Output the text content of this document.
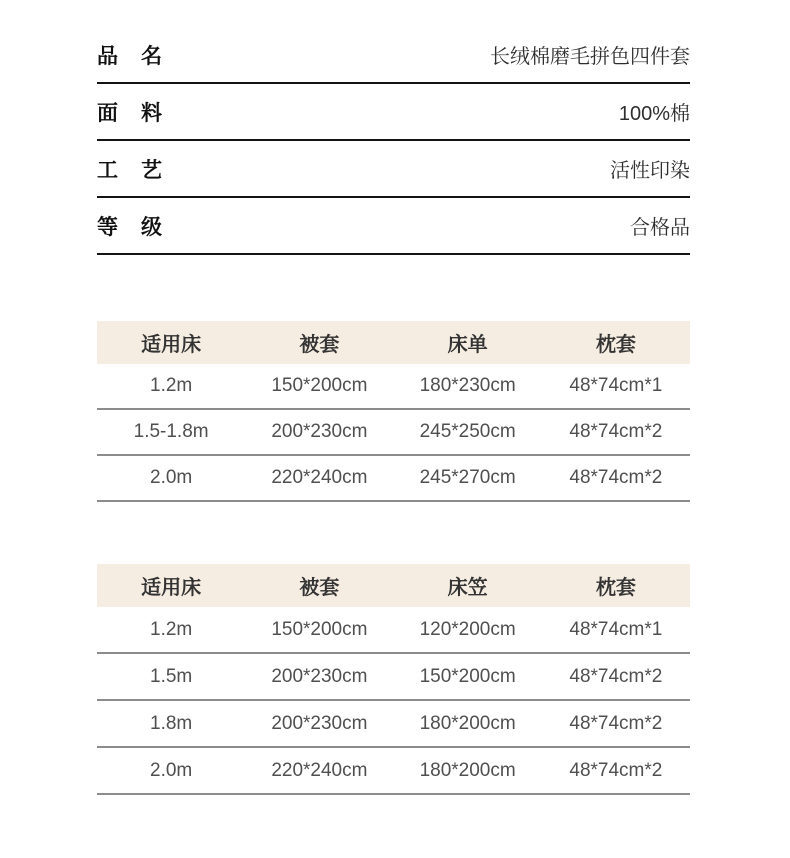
品　名	长绒棉磨毛拼色四件套
面　料	100%棉
工　艺	活性印染
等　级	合格品
适用床	被套	床单	枕套
1.2m	150*200cm	180*230cm	48*74cm*1
1.5-1.8m	200*230cm	245*250cm	48*74cm*2
2.0m	220*240cm	245*270cm	48*74cm*2
适用床	被套	床笠	枕套
1.2m	150*200cm	120*200cm	48*74cm*1
1.5m	200*230cm	150*200cm	48*74cm*2
1.8m	200*230cm	180*200cm	48*74cm*2
2.0m	220*240cm	180*200cm	48*74cm*2
